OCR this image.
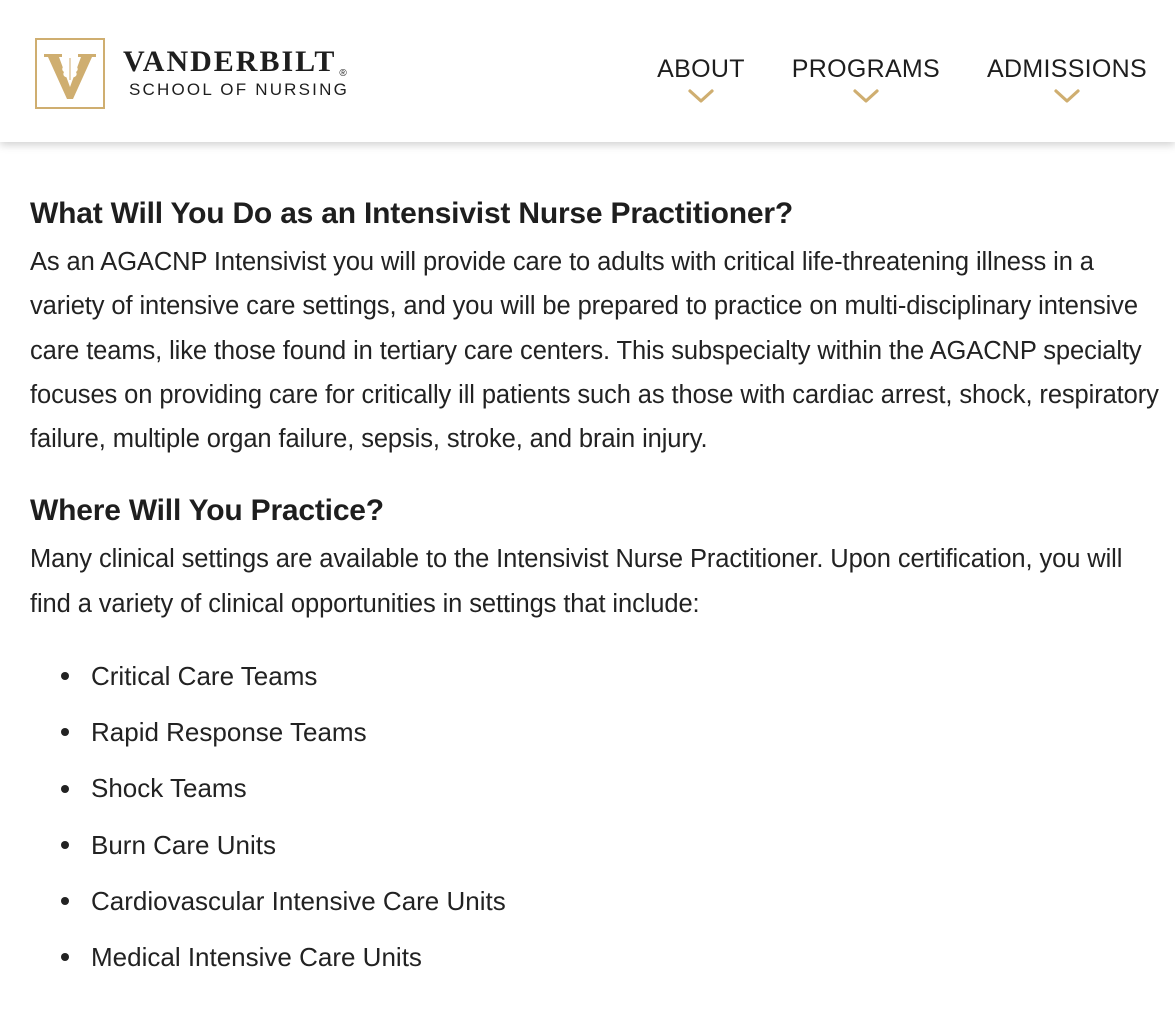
VANDERBILT ®
SCHOOL OF NURSING
ABOUT PROGRAMS ADMISSIONS
What Will You Do as an Intensivist Nurse Practitioner?

As an AGACNP Intensivist you will provide care to adults with critical life-threatening illness in a variety of intensive care settings, and you will be prepared to practice on multi-disciplinary intensive care teams, like those found in tertiary care centers. This subspecialty within the AGACNP specialty focuses on providing care for critically ill patients such as those with cardiac arrest, shock, respiratory failure, multiple organ failure, sepsis, stroke, and brain injury.

Where Will You Practice?

Many clinical settings are available to the Intensivist Nurse Practitioner. Upon certification, you will find a variety of clinical opportunities in settings that include:

Critical Care Teams
Rapid Response Teams
Shock Teams
Burn Care Units
Cardiovascular Intensive Care Units
Medical Intensive Care Units
